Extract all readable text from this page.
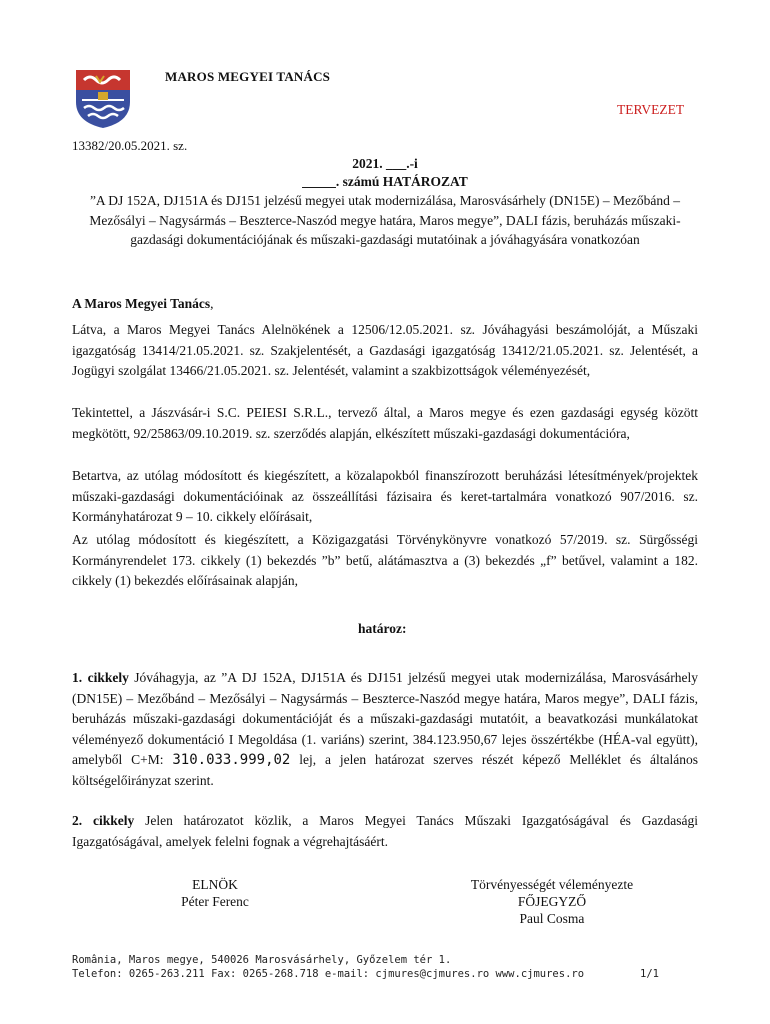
MAROS MEGYEI TANÁCS
TERVEZET
13382/20.05.2021. sz.
2021. ___.-i
_____. számú HATÁROZAT
”A DJ 152A, DJ151A és DJ151 jelzésű megyei utak modernizálása, Marosvásárhely (DN15E) – Mezőbánd – Mezősályi – Nagysármás – Beszterce-Naszód megye határa, Maros megye”, DALI fázis, beruházás műszaki-gazdasági dokumentációjának és műszaki-gazdasági mutatóinak a jóváhagyására vonatkozóan
A Maros Megyei Tanács,
Látva, a Maros Megyei Tanács Alelnökének a 12506/12.05.2021. sz. Jóváhagyási beszámolóját, a Műszaki igazgatóság 13414/21.05.2021. sz. Szakjelentését, a Gazdasági igazgatóság 13412/21.05.2021. sz. Jelentését, a Jogügyi szolgálat 13466/21.05.2021. sz. Jelentését, valamint a szakbizottságok véleményezését,
Tekintettel, a Jászvásár-i S.C. PEIESI S.R.L., tervező által, a Maros megye és ezen gazdasági egység között megkötött, 92/25863/09.10.2019. sz. szerződés alapján, elkészített műszaki-gazdasági dokumentációra,
Betartva, az utólag módosított és kiegészített, a közalapokból finanszírozott beruházási létesítmények/projektek műszaki-gazdasági dokumentációinak az összeállítási fázisaira és keret-tartalmára vonatkozó 907/2016. sz. Kormányhatározat 9 – 10. cikkely előírásait,
Az utólag módosított és kiegészített, a Közigazgatási Törvénykönyvre vonatkozó 57/2019. sz. Sürgősségi Kormányrendelet 173. cikkely (1) bekezdés ”b” betű, alátámasztva a (3) bekezdés „f” betűvel, valamint a 182. cikkely (1) bekezdés előírásainak alapján,
határoz:
1. cikkely Jóváhagyja, az ”A DJ 152A, DJ151A és DJ151 jelzésű megyei utak modernizálása, Marosvásárhely (DN15E) – Mezőbánd – Mezősályi – Nagysármás – Beszterce-Naszód megye határa, Maros megye”, DALI fázis, beruházás műszaki-gazdasági dokumentációját és a műszaki-gazdasági mutatóit, a beavatkozási munkálatokat véleményező dokumentáció I Megoldása (1. variáns) szerint, 384.123.950,67 lejes összértékbe (HÉA-val együtt), amelyből C+M: 310.033.999,02 lej, a jelen határozat szerves részét képező Melléklet és általános költségelőirányzat szerint.
2. cikkely Jelen határozatot közlik, a Maros Megyei Tanács Műszaki Igazgatóságával és Gazdasági Igazgatóságával, amelyek felelni fognak a végrehajtásáért.
ELNÖK
Péter Ferenc
Törvényességét véleményezte
FŐJEGYZŐ
Paul Cosma
România, Maros megye, 540026 Marosvásárhely, Győzelem tér 1.
Telefon: 0265-263.211 Fax: 0265-268.718 e-mail: cjmures@cjmures.ro www.cjmures.ro	1/1
